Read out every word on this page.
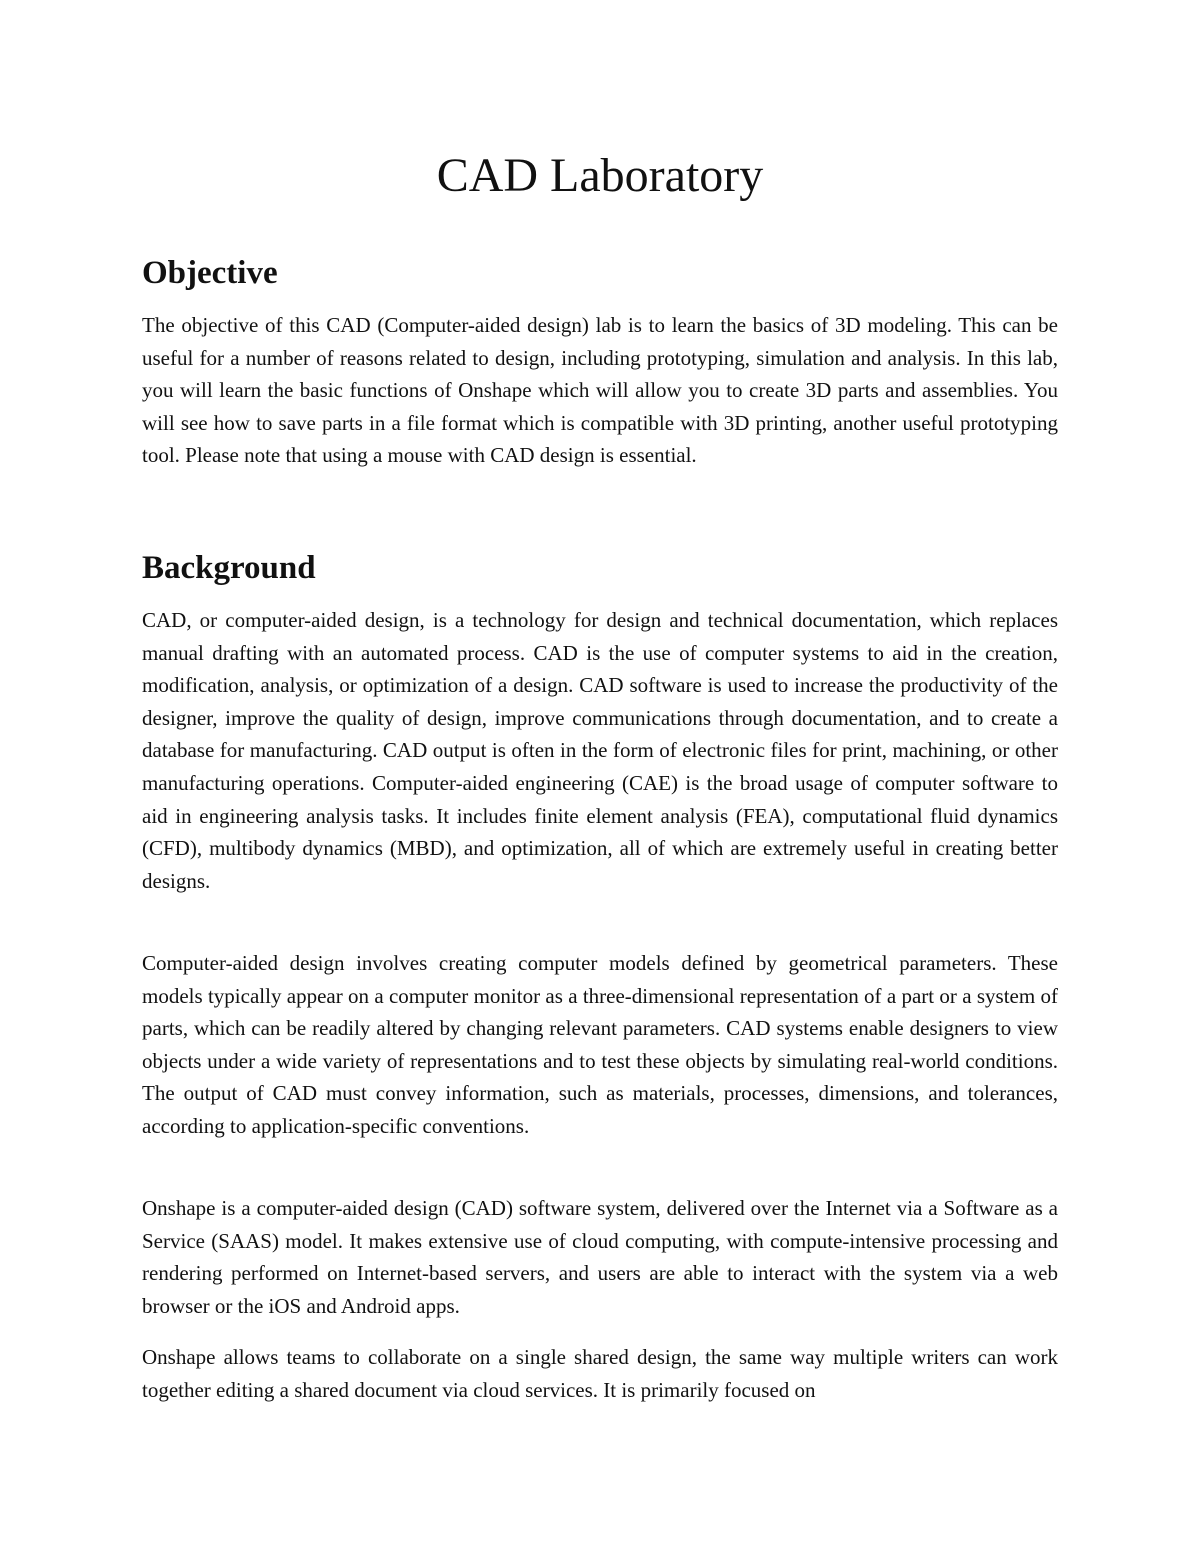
CAD Laboratory
Objective

The objective of this CAD (Computer-aided design) lab is to learn the basics of 3D modeling. This can be useful for a number of reasons related to design, including prototyping, simulation and analysis. In this lab, you will learn the basic functions of Onshape which will allow you to create 3D parts and assemblies. You will see how to save parts in a file format which is compatible with 3D printing, another useful prototyping tool. Please note that using a mouse with CAD design is essential.

Background

CAD, or computer-aided design, is a technology for design and technical documentation, which replaces manual drafting with an automated process. CAD is the use of computer systems to aid in the creation, modification, analysis, or optimization of a design. CAD software is used to increase the productivity of the designer, improve the quality of design, improve communications through documentation, and to create a database for manufacturing. CAD output is often in the form of electronic files for print, machining, or other manufacturing operations. Computer-aided engineering (CAE) is the broad usage of computer software to aid in engineering analysis tasks. It includes finite element analysis (FEA), computational fluid dynamics (CFD), multibody dynamics (MBD), and optimization, all of which are extremely useful in creating better designs.

Computer-aided design involves creating computer models defined by geometrical parameters. These models typically appear on a computer monitor as a three-dimensional representation of a part or a system of parts, which can be readily altered by changing relevant parameters. CAD systems enable designers to view objects under a wide variety of representations and to test these objects by simulating real-world conditions. The output of CAD must convey information, such as materials, processes, dimensions, and tolerances, according to application-specific conventions.

Onshape is a computer-aided design (CAD) software system, delivered over the Internet via a Software as a Service (SAAS) model. It makes extensive use of cloud computing, with compute-intensive processing and rendering performed on Internet-based servers, and users are able to interact with the system via a web browser or the iOS and Android apps.

Onshape allows teams to collaborate on a single shared design, the same way multiple writers can work together editing a shared document via cloud services. It is primarily focused on
